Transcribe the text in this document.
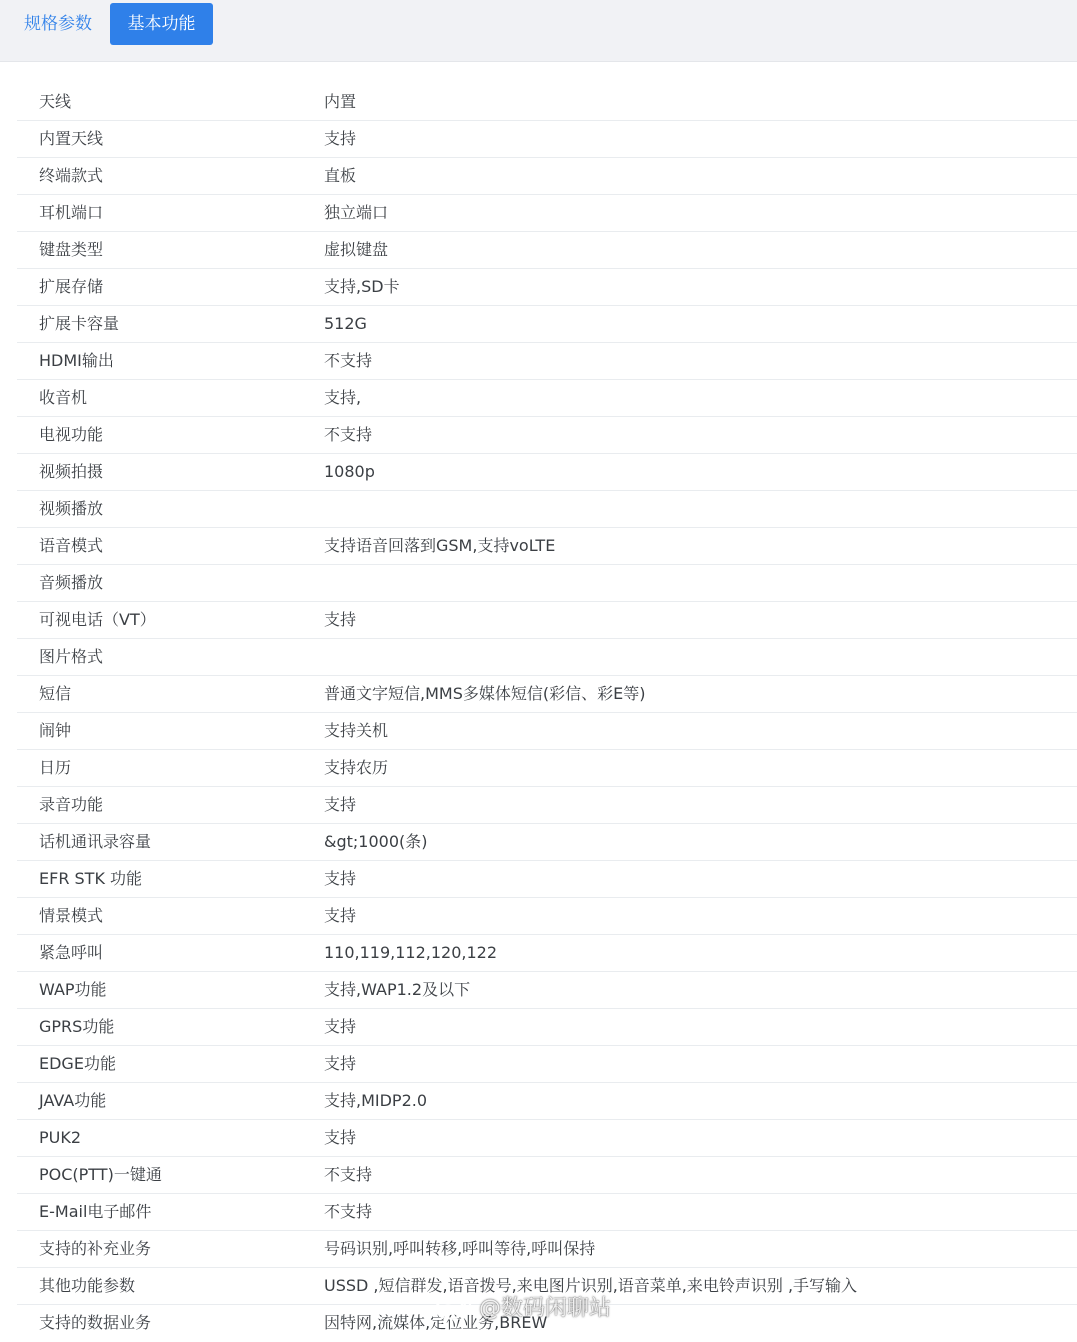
规格参数	基本功能
天线	内置
内置天线	支持
终端款式	直板
耳机端口	独立端口
键盘类型	虚拟键盘
扩展存储	支持,SD卡
扩展卡容量	512G
HDMI输出	不支持
收音机	支持,
电视功能	不支持
视频拍摄	1080p
视频播放
语音模式	支持语音回落到GSM,支持voLTE
音频播放
可视电话（VT）	支持
图片格式
短信	普通文字短信,MMS多媒体短信(彩信、彩E等)
闹钟	支持关机
日历	支持农历
录音功能	支持
话机通讯录容量	&gt;1000(条)
EFR STK 功能	支持
情景模式	支持
紧急呼叫	110,119,112,120,122
WAP功能	支持,WAP1.2及以下
GPRS功能	支持
EDGE功能	支持
JAVA功能	支持,MIDP2.0
PUK2	支持
POC(PTT)一键通	不支持
E-Mail电子邮件	不支持
支持的补充业务	号码识别,呼叫转移,呼叫等待,呼叫保持
其他功能参数	USSD ,短信群发,语音拨号,来电图片识别,语音菜单,来电铃声识别 ,手写输入
支持的数据业务	因特网,流媒体,定位业务,BREW
@数码闲聊站
